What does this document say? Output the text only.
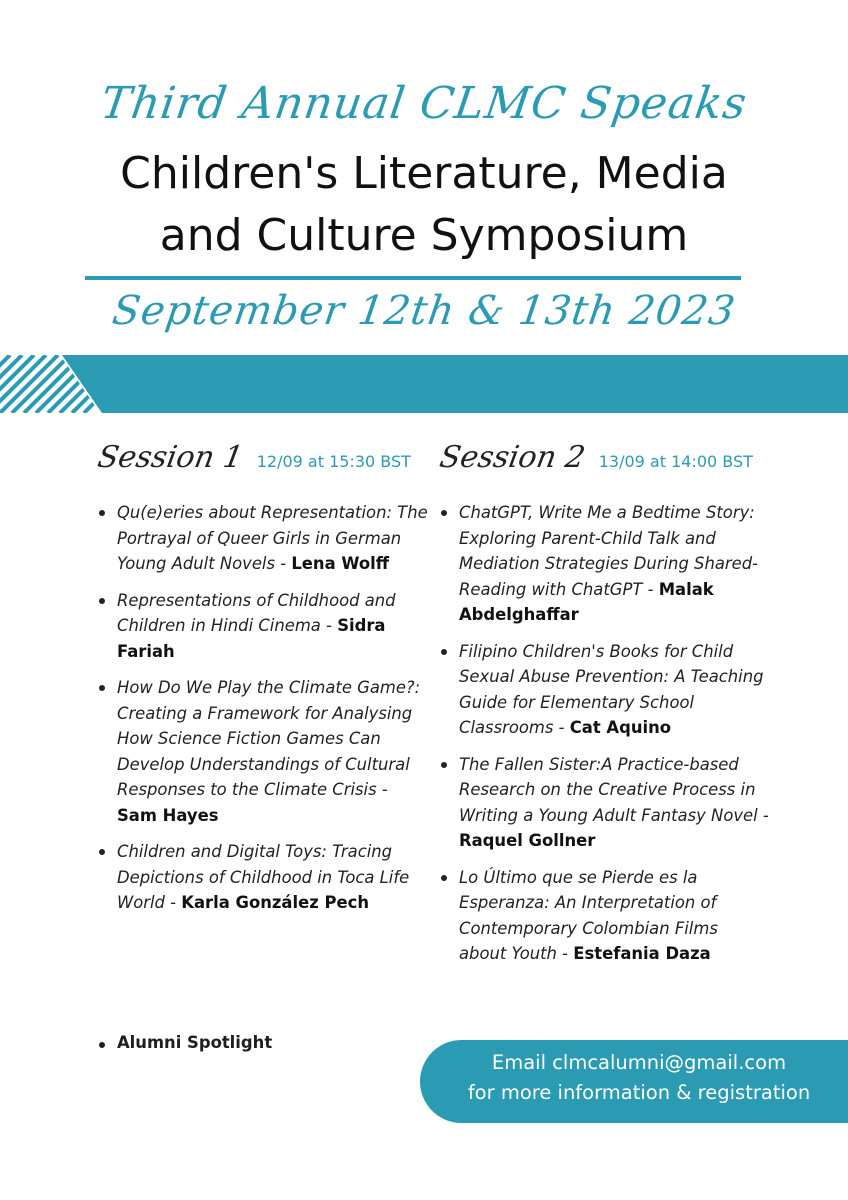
Third Annual CLMC Speaks
Children's Literature, Media
and Culture Symposium
September 12th & 13th 2023
Session 1 12/09 at 15:30 BST Session 2 13/09 at 14:00 BST
Qu(e)eries about Representation: The Portrayal of Queer Girls in German Young Adult Novels - Lena Wolff
Representations of Childhood and Children in Hindi Cinema - Sidra Fariah
How Do We Play the Climate Game?: Creating a Framework for Analysing How Science Fiction Games Can Develop Understandings of Cultural Responses to the Climate Crisis - Sam Hayes
Children and Digital Toys: Tracing Depictions of Childhood in Toca Life World - Karla González Pech
Alumni Spotlight
ChatGPT, Write Me a Bedtime Story: Exploring Parent-Child Talk and Mediation Strategies During Shared-Reading with ChatGPT - Malak Abdelghaffar
Filipino Children's Books for Child Sexual Abuse Prevention: A Teaching Guide for Elementary School Classrooms - Cat Aquino
The Fallen Sister:A Practice-based Research on the Creative Process in Writing a Young Adult Fantasy Novel - Raquel Gollner
Lo Último que se Pierde es la Esperanza: An Interpretation of Contemporary Colombian Films about Youth - Estefania Daza
Email clmcalumni@gmail.com
for more information & registration
